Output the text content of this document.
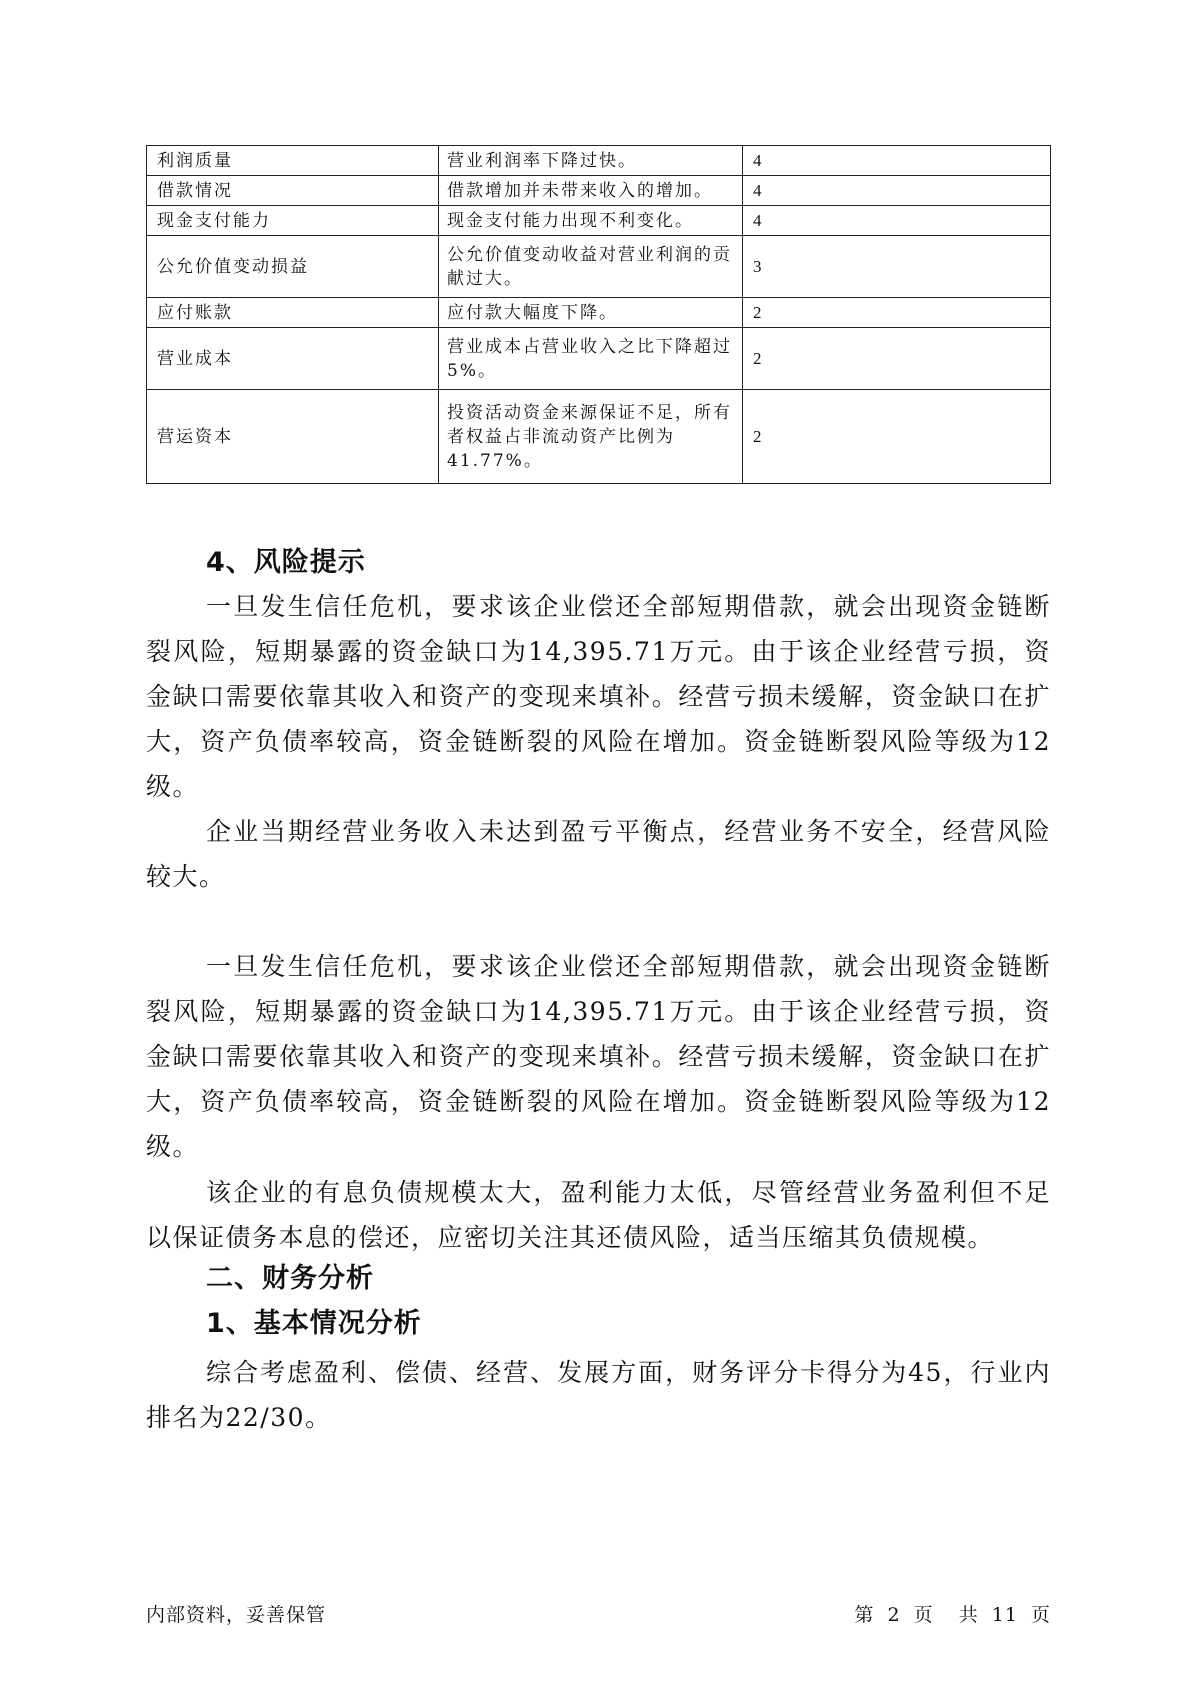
利润质量	营业利润率下降过快。	4
借款情况	借款增加并未带来收入的增加。	4
现金支付能力	现金支付能力出现不利变化。	4
公允价值变动损益	公允价值变动收益对营业利润的贡献过大。	3
应付账款	应付款大幅度下降。	2
营业成本	营业成本占营业收入之比下降超过5%。	2
营运资本	投资活动资金来源保证不足，所有者权益占非流动资产比例为41.77%。	2
4、风险提示

一旦发生信任危机，要求该企业偿还全部短期借款，就会出现资金链断裂风险，短期暴露的资金缺口为14,395.71万元。由于该企业经营亏损，资金缺口需要依靠其收入和资产的变现来填补。经营亏损未缓解，资金缺口在扩大，资产负债率较高，资金链断裂的风险在增加。资金链断裂风险等级为12级。

企业当期经营业务收入未达到盈亏平衡点，经营业务不安全，经营风险较大。

一旦发生信任危机，要求该企业偿还全部短期借款，就会出现资金链断裂风险，短期暴露的资金缺口为14,395.71万元。由于该企业经营亏损，资金缺口需要依靠其收入和资产的变现来填补。经营亏损未缓解，资金缺口在扩大，资产负债率较高，资金链断裂的风险在增加。资金链断裂风险等级为12级。

该企业的有息负债规模太大，盈利能力太低，尽管经营业务盈利但不足以保证债务本息的偿还，应密切关注其还债风险，适当压缩其负债规模。

二、财务分析
1、基本情况分析

综合考虑盈利、偿债、经营、发展方面，财务评分卡得分为45，行业内排名为22/30。

内部资料，妥善保管	第 2 页 共 11 页
